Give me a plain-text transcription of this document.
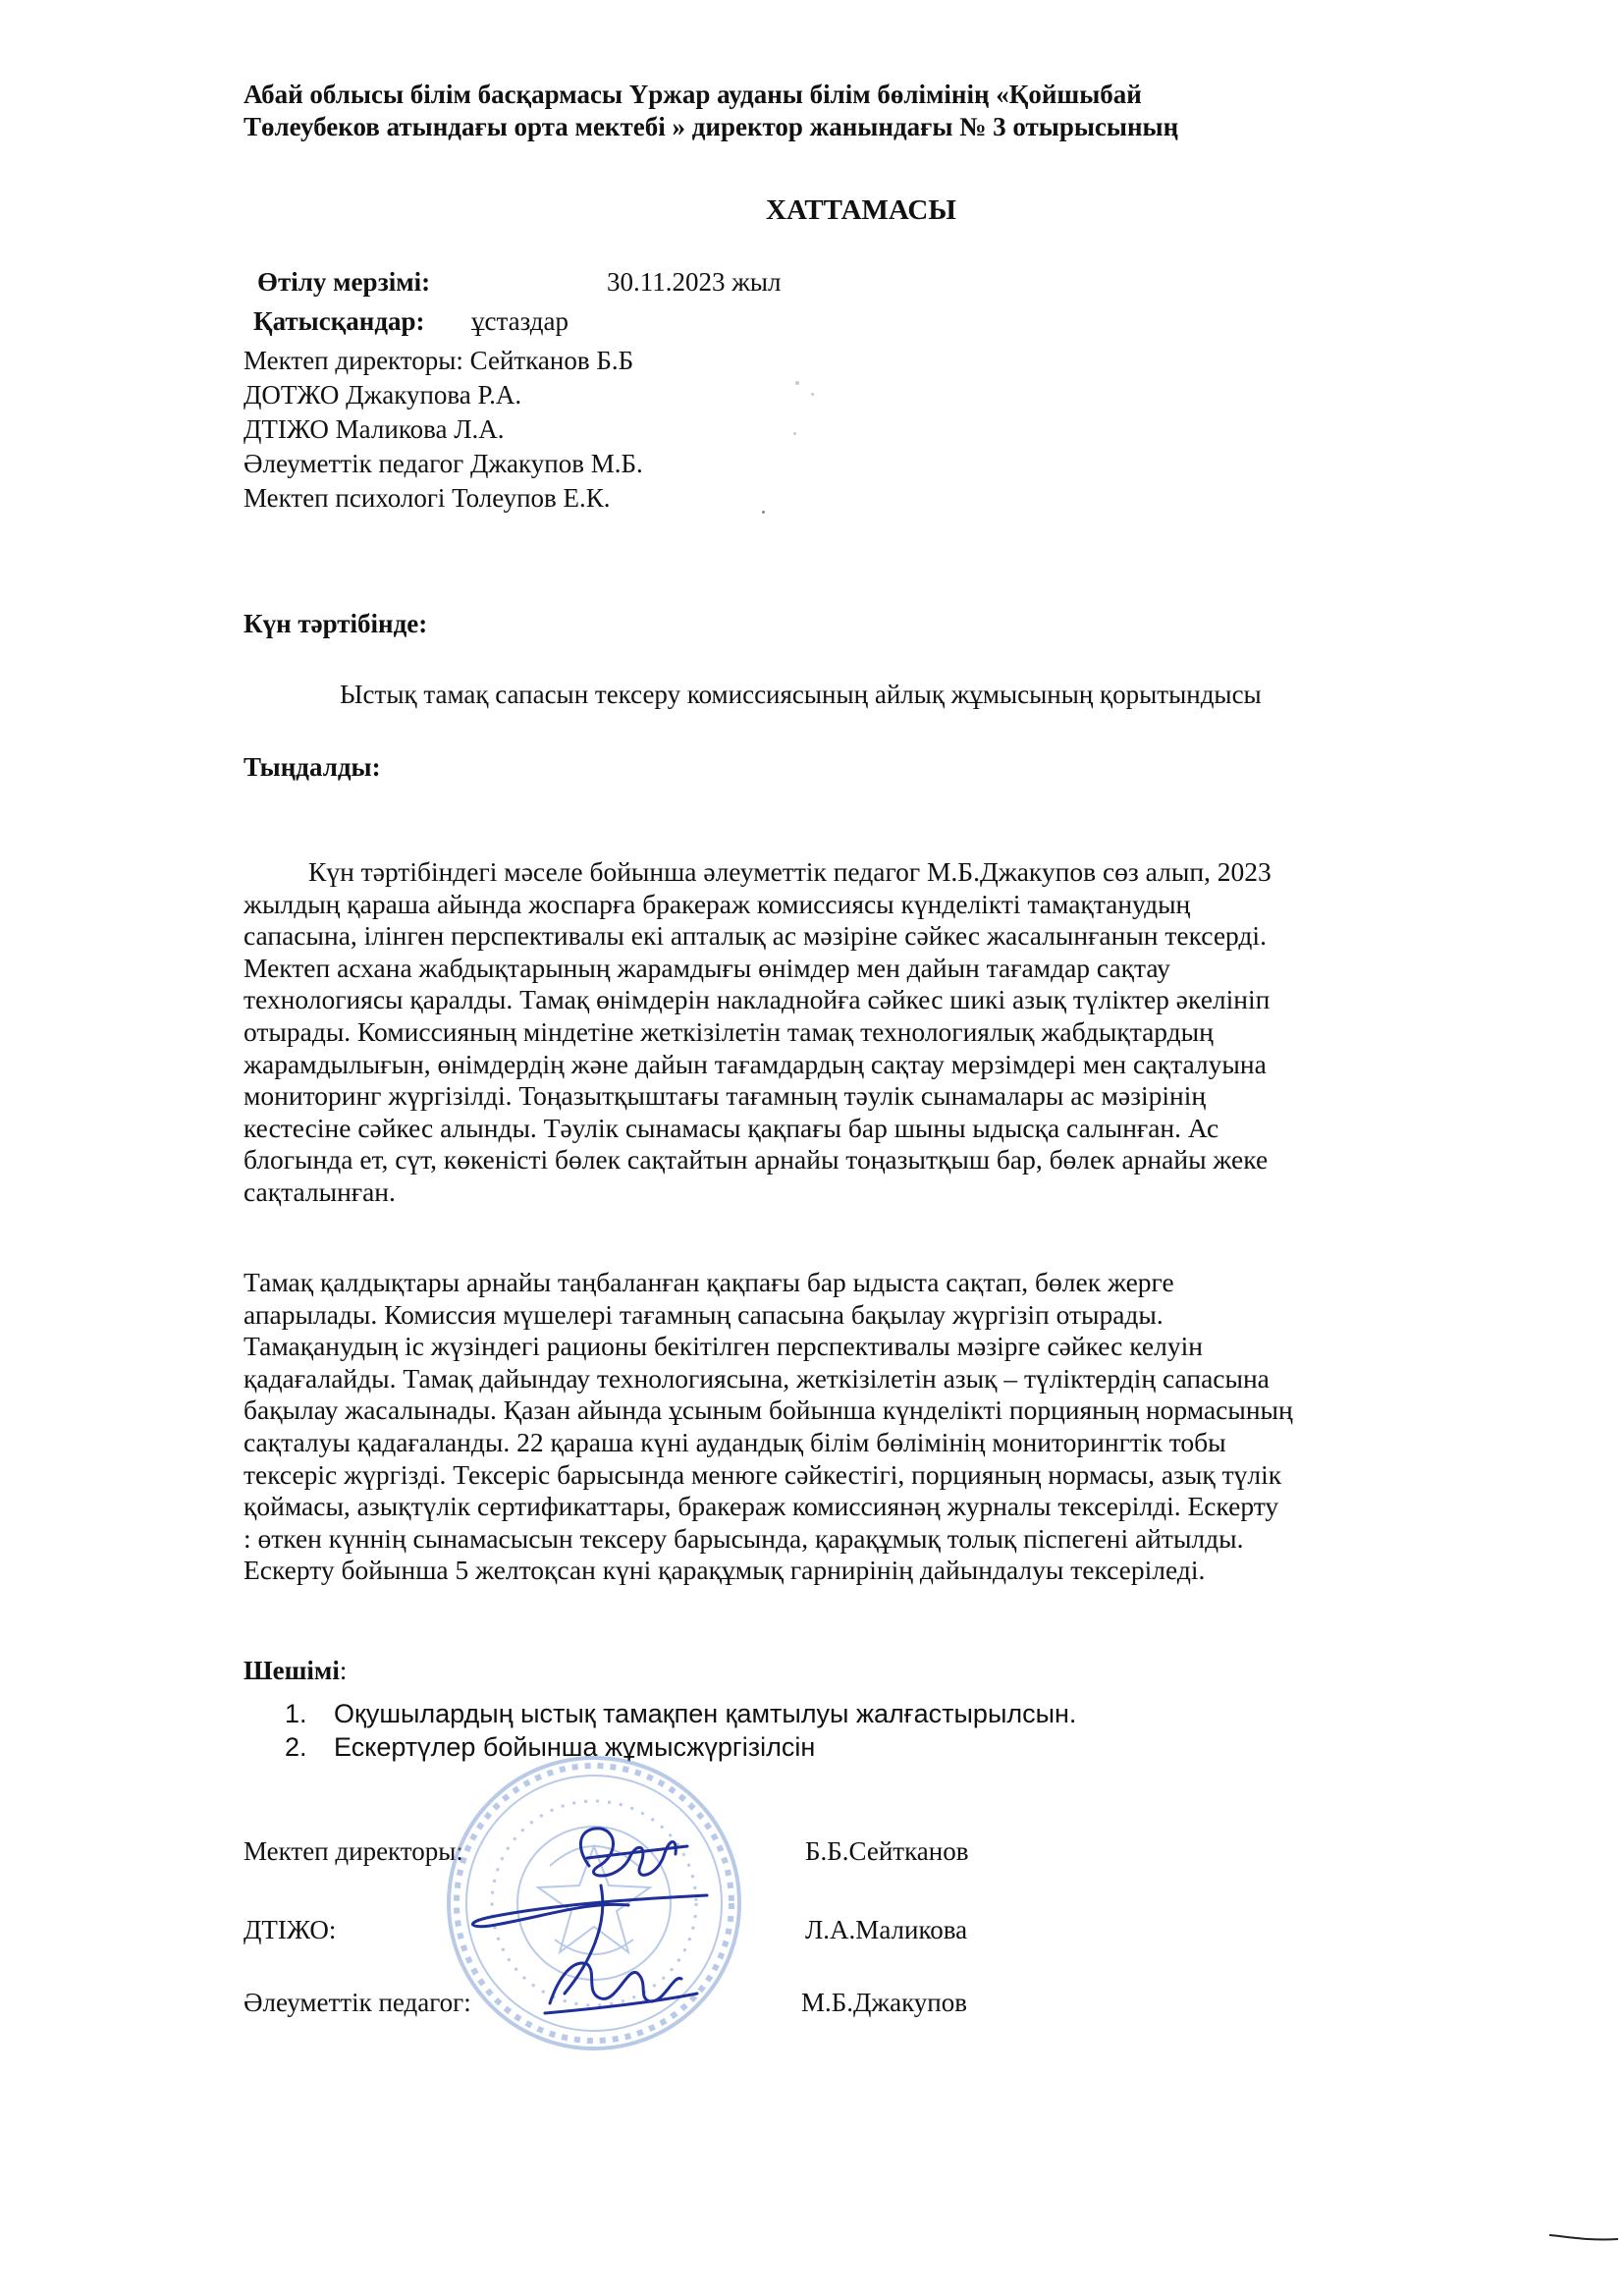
Абай облысы білім басқармасы Үржар ауданы білім бөлімінің «Қойшыбай
Төлеубеков атындағы орта мектебі » директор жанындағы № 3 отырысының
ХАТТАМАСЫ
Өтілу мерзімі:	30.11.2023 жыл
Қатысқандар: ұстаздар
Мектеп директоры: Сейтканов Б.Б
ДОТЖО Джакупова Р.А.
ДТІЖО Маликова Л.А.
Әлеуметтік педагог Джакупов М.Б.
Мектеп психологі Толеупов Е.К.
Күн тәртібінде:
Ыстық тамақ сапасын тексеру комиссиясының айлық жұмысының қорытындысы
Тыңдалды:
Күн тәртібіндегі мәселе бойынша әлеуметтік педагог М.Б.Джакупов сөз алып, 2023
жылдың қараша айында жоспарға бракераж комиссиясы күнделікті тамақтанудың
сапасына, ілінген перспективалы екі апталық ас мәзіріне сәйкес жасалынғанын тексерді.
Мектеп асхана жабдықтарының жарамдығы өнімдер мен дайын тағамдар сақтау
технологиясы қаралды. Тамақ өнімдерін накладнойға сәйкес шикі азық түліктер әкелініп
отырады. Комиссияның міндетіне жеткізілетін тамақ технологиялық жабдықтардың
жарамдылығын, өнімдердің және дайын тағамдардың сақтау мерзімдері мен сақталуына
мониторинг жүргізілді. Тоңазытқыштағы тағамның тәулік сынамалары ас мәзірінің
кестесіне сәйкес алынды. Тәулік сынамасы қақпағы бар шыны ыдысқа салынған. Ас
блогында ет, сүт, көкеністі бөлек сақтайтын арнайы тоңазытқыш бар, бөлек арнайы жеке
сақталынған.
Тамақ қалдықтары арнайы таңбаланған қақпағы бар ыдыста сақтап, бөлек жерге
апарылады. Комиссия мүшелері тағамның сапасына бақылау жүргізіп отырады.
Тамақанудың іс жүзіндегі рационы бекітілген перспективалы мәзірге сәйкес келуін
қадағалайды. Тамақ дайындау технологиясына, жеткізілетін азық – түліктердің сапасына
бақылау жасалынады. Қазан айында ұсыным бойынша күнделікті порцияның нормасының
сақталуы қадағаланды. 22 қараша күні аудандық білім бөлімінің мониторингтік тобы
тексеріс жүргізді. Тексеріс барысында менюге сәйкестігі, порцияның нормасы, азық түлік
қоймасы, азықтүлік сертификаттары, бракераж комиссиянәң журналы тексерілді. Ескерту
: өткен күннің сынамасысын тексеру барысында, қарақұмық толық піспегені айтылды.
Ескерту бойынша 5 желтоқсан күні қарақұмық гарнирінің дайындалуы тексеріледі.
Шешімі:
1. Оқушылардың ыстық тамақпен қамтылуы жалғастырылсын.
2. Ескертүлер бойынша жұмысжүргізілсін
Мектеп директоры:	Б.Б.Сейтканов
ДТІЖО:	Л.А.Маликова
Әлеуметтік педагог:	М.Б.Джакупов
